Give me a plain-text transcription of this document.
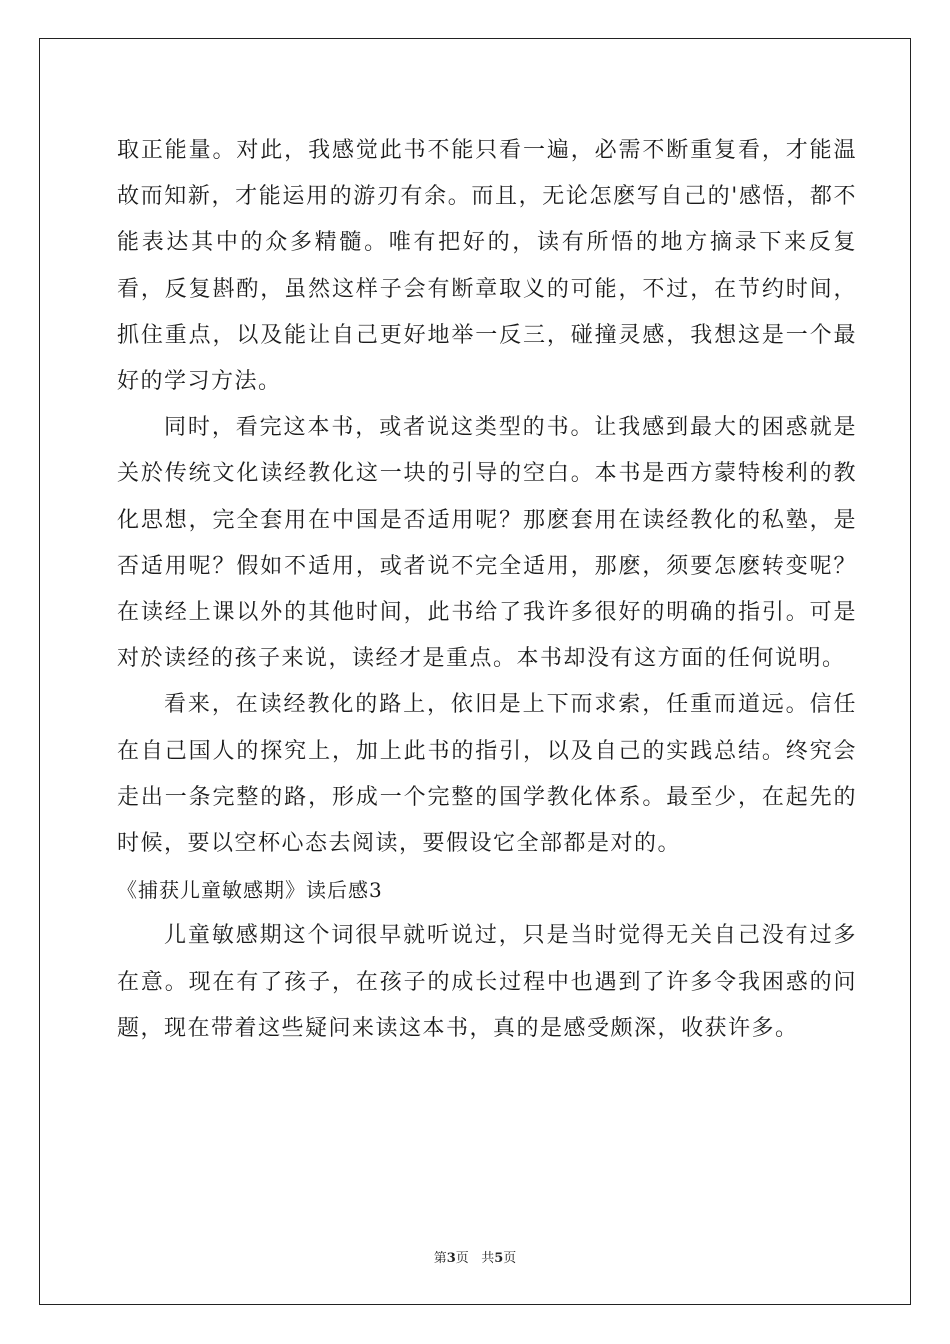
取正能量。对此，我感觉此书不能只看一遍，必需不断重复看，才能温故而知新，才能运用的游刃有余。而且，无论怎麽写自己的'感悟，都不能表达其中的众多精髓。唯有把好的，读有所悟的地方摘录下来反复看，反复斟酌，虽然这样子会有断章取义的可能，不过，在节约时间，抓住重点，以及能让自己更好地举一反三，碰撞灵感，我想这是一个最好的学习方法。

同时，看完这本书，或者说这类型的书。让我感到最大的困惑就是关於传统文化读经教化这一块的引导的空白。本书是西方蒙特梭利的教化思想，完全套用在中国是否适用呢？那麽套用在读经教化的私塾，是否适用呢？假如不适用，或者说不完全适用，那麽，须要怎麽转变呢？在读经上课以外的其他时间，此书给了我许多很好的明确的指引。可是对於读经的孩子来说，读经才是重点。本书却没有这方面的任何说明。

看来，在读经教化的路上，依旧是上下而求索，任重而道远。信任在自己国人的探究上，加上此书的指引，以及自己的实践总结。终究会走出一条完整的路，形成一个完整的国学教化体系。最至少，在起先的时候，要以空杯心态去阅读，要假设它全部都是对的。

《捕获儿童敏感期》读后感3

儿童敏感期这个词很早就听说过，只是当时觉得无关自己没有过多在意。现在有了孩子，在孩子的成长过程中也遇到了许多令我困惑的问题，现在带着这些疑问来读这本书，真的是感受颇深，收获许多。

第3页 共5页
